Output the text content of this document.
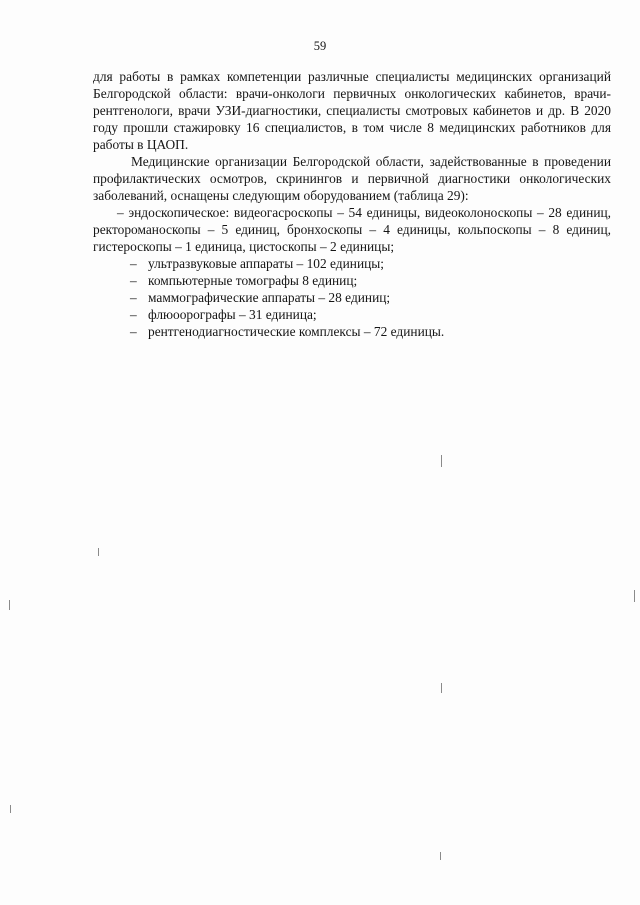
59

для работы в рамках компетенции различные специалисты медицинских организаций Белгородской области: врачи-онкологи первичных онкологических кабинетов, врачи-рентгенологи, врачи УЗИ-диагностики, специалисты смотровых кабинетов и др. В 2020 году прошли стажировку 16 специалистов, в том числе 8 медицинских работников для работы в ЦАОП.

Медицинские организации Белгородской области, задействованные в проведении профилактических осмотров, скринингов и первичной диагностики онкологических заболеваний, оснащены следующим оборудованием (таблица 29):

– эндоскопическое: видеогасроскопы – 54 единицы, видеоколоноскопы – 28 единиц, ректороманоскопы – 5 единиц, бронхоскопы – 4 единицы, кольпоскопы – 8 единиц, гистероскопы – 1 единица, цистоскопы – 2 единицы;

– ультразвуковые аппараты – 102 единицы;
– компьютерные томографы 8 единиц;
– маммографические аппараты – 28 единиц;
– флюоорографы – 31 единица;
– рентгенодиагностические комплексы – 72 единицы.
